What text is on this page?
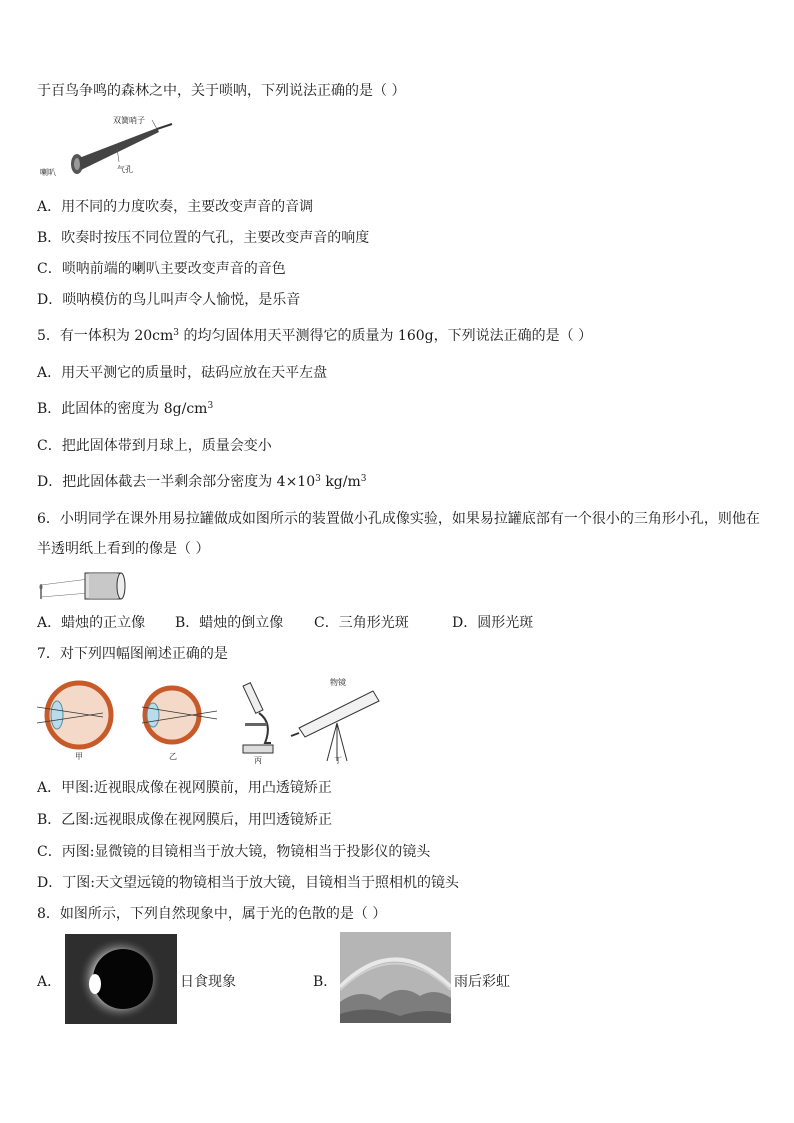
于百鸟争鸣的森林之中，关于唢呐，下列说法正确的是（ ）
双簧哨子
喇叭	气孔
A．用不同的力度吹奏，主要改变声音的音调
B．吹奏时按压不同位置的气孔，主要改变声音的响度
C．唢呐前端的喇叭主要改变声音的音色
D．唢呐模仿的鸟儿叫声令人愉悦，是乐音
5．有一体积为 $20cm^3$ 的均匀固体用天平测得它的质量为 160g，下列说法正确的是（ ）
A．用天平测它的质量时，砝码应放在天平左盘
B．此固体的密度为 $8g/cm^3$
C．把此固体带到月球上，质量会变小
D．把此固体截去一半剩余部分密度为 $4\times 10^3$ $kg/m^3$
6．小明同学在课外用易拉罐做成如图所示的装置做小孔成像实验，如果易拉罐底部有一个很小的三角形小孔，则他在
半透明纸上看到的像是（ ）
A．蜡烛的正立像 B．蜡烛的倒立像 C．三角形光斑	D．圆形光斑
7．对下列四幅图阐述正确的是
甲	乙	丙	丁
物镜
A．甲图:近视眼成像在视网膜前，用凸透镜矫正
B．乙图:远视眼成像在视网膜后，用凹透镜矫正
C．丙图:显微镜的目镜相当于放大镜，物镜相当于投影仪的镜头
D．丁图:天文望远镜的物镜相当于放大镜，目镜相当于照相机的镜头
8．如图所示，下列自然现象中，属于光的色散的是（ ）
A．	日食现象	B．	雨后彩虹
